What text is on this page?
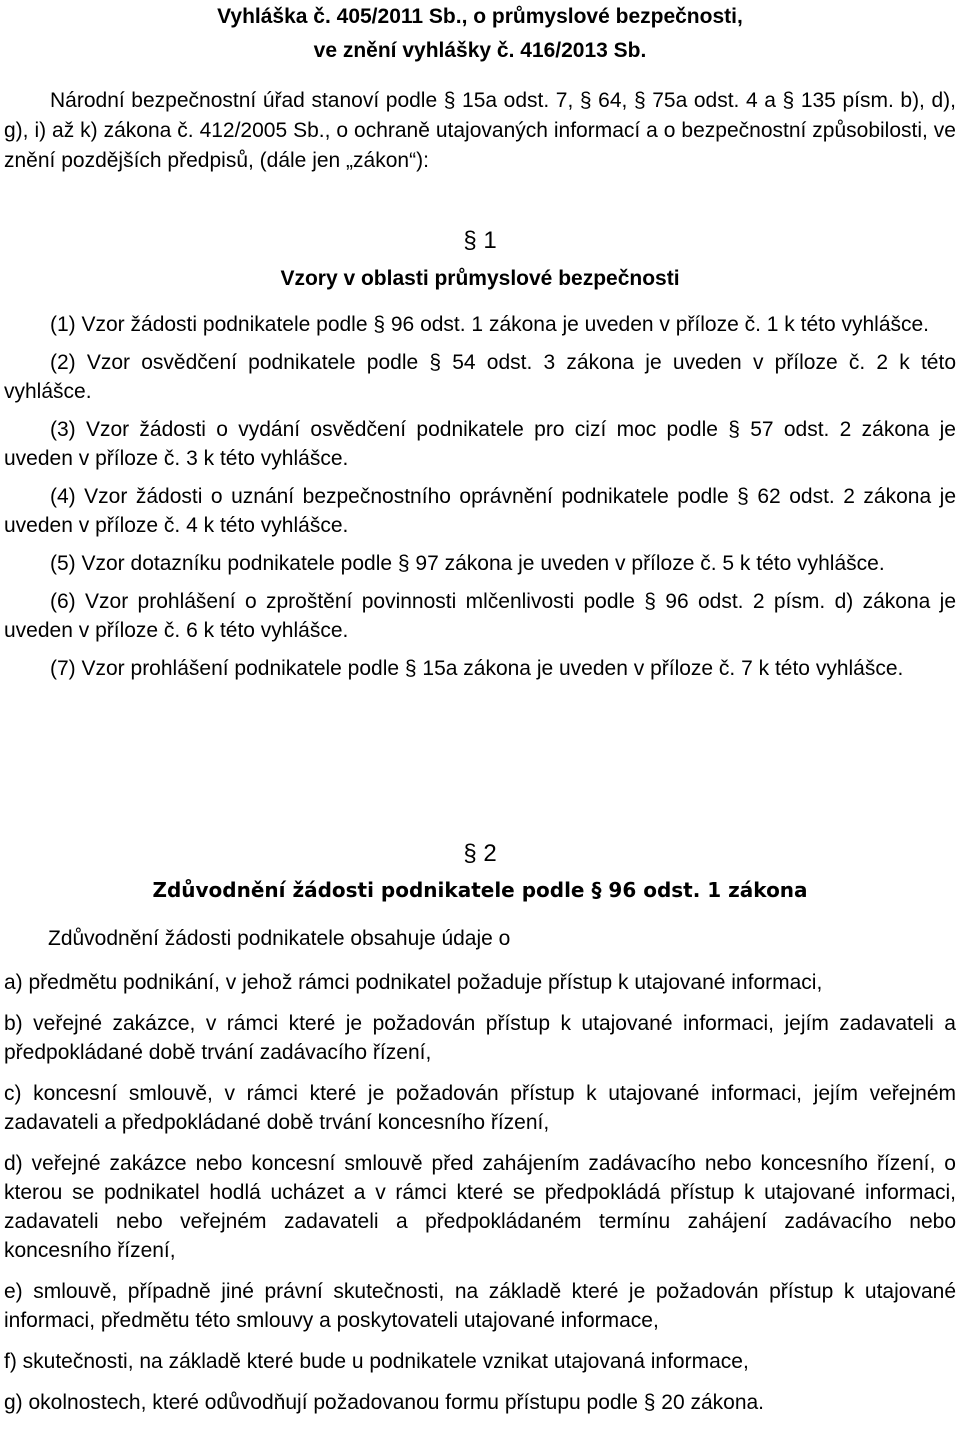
Vyhláška č. 405/2011 Sb., o průmyslové bezpečnosti,

ve znění vyhlášky č. 416/2013 Sb.

Národní bezpečnostní úřad stanoví podle § 15a odst. 7, § 64, § 75a odst. 4 a § 135 písm. b), d), g), i) až k) zákona č. 412/2005 Sb., o ochraně utajovaných informací a o bezpečnostní způsobilosti, ve znění pozdějších předpisů, (dále jen „zákon“):

§ 1
Vzory v oblasti průmyslové bezpečnosti

(1) Vzor žádosti podnikatele podle § 96 odst. 1 zákona je uveden v příloze č. 1 k této vyhlášce.

(2) Vzor osvědčení podnikatele podle § 54 odst. 3 zákona je uveden v příloze č. 2 k této vyhlášce.

(3) Vzor žádosti o vydání osvědčení podnikatele pro cizí moc podle § 57 odst. 2 zákona je uveden v příloze č. 3 k této vyhlášce.

(4) Vzor žádosti o uznání bezpečnostního oprávnění podnikatele podle § 62 odst. 2 zákona je uveden v příloze č. 4 k této vyhlášce.

(5) Vzor dotazníku podnikatele podle § 97 zákona je uveden v příloze č. 5 k této vyhlášce.

(6) Vzor prohlášení o zproštění povinnosti mlčenlivosti podle § 96 odst. 2 písm. d) zákona je uveden v příloze č. 6 k této vyhlášce.

(7) Vzor prohlášení podnikatele podle § 15a zákona je uveden v příloze č. 7 k této vyhlášce.

§ 2
Zdůvodnění žádosti podnikatele podle § 96 odst. 1 zákona

Zdůvodnění žádosti podnikatele obsahuje údaje o

a) předmětu podnikání, v jehož rámci podnikatel požaduje přístup k utajované informaci,

b) veřejné zakázce, v rámci které je požadován přístup k utajované informaci, jejím zadavateli a předpokládané době trvání zadávacího řízení,

c) koncesní smlouvě, v rámci které je požadován přístup k utajované informaci, jejím veřejném zadavateli a předpokládané době trvání koncesního řízení,

d) veřejné zakázce nebo koncesní smlouvě před zahájením zadávacího nebo koncesního řízení, o kterou se podnikatel hodlá ucházet a v rámci které se předpokládá přístup k utajované informaci, zadavateli nebo veřejném zadavateli a předpokládaném termínu zahájení zadávacího nebo koncesního řízení,

e) smlouvě, případně jiné právní skutečnosti, na základě které je požadován přístup k utajované informaci, předmětu této smlouvy a poskytovateli utajované informace,

f) skutečnosti, na základě které bude u podnikatele vznikat utajovaná informace,

g) okolnostech, které odůvodňují požadovanou formu přístupu podle § 20 zákona.
